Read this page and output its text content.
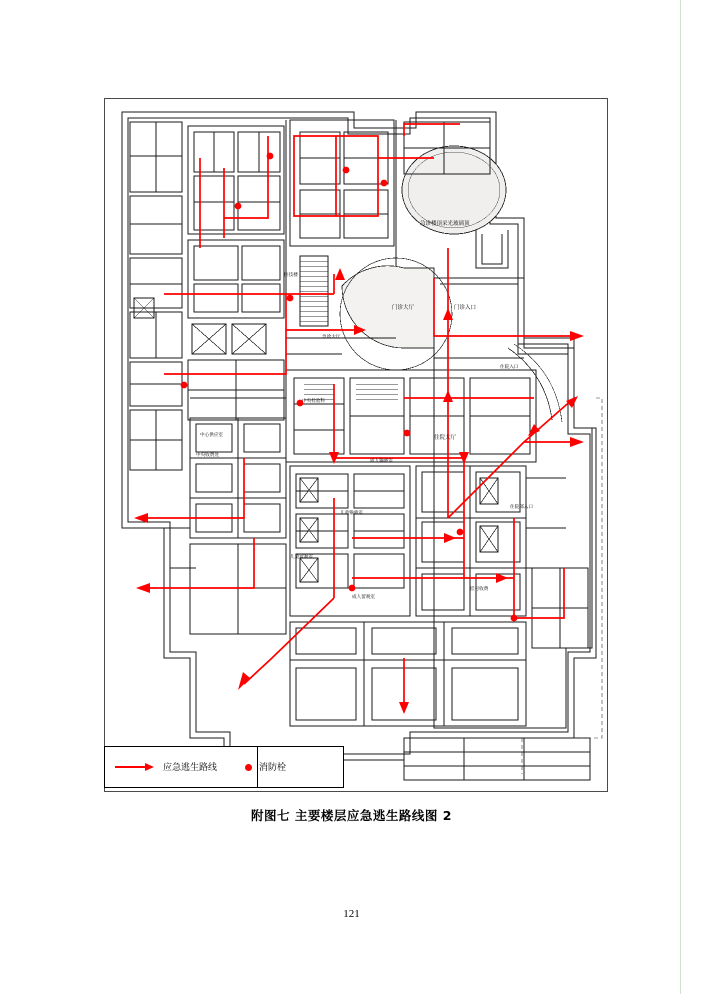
急诊楼顶采光玻璃顶
门诊大厅	门诊入口
住院入口
中央检验科
住院大厅
急诊大厅
住院部入口
儿童输液室
成人输液室
成人留观室
儿童留观室
中心供应室
中央收费处
挂号收费
医技楼
应急逃生路线	消防栓
附图七 主要楼层应急逃生路线图 2
121
